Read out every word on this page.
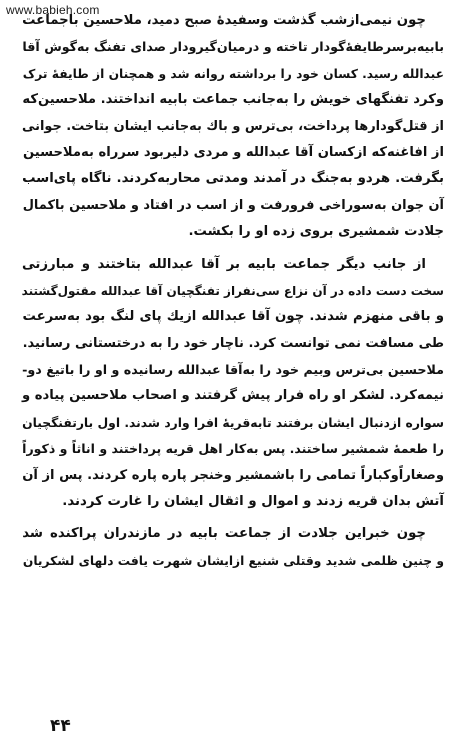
www.babieh.com
چون نیمی‌ازشب گذشت وسفیدهٔ صبح دمید، ملاحسین باجماعت
بابیه‌برسرطایفهٔ‌گودار تاخته و درمیان‌گیرودار صدای تفنگ به‌گوش آقا
عبدالله رسید. کسان خود را برداشته روانه شد و همچنان از طایفهٔ ترک
وکرد تفنگهای خویش را به‌جانب جماعت بابیه انداختند. ملاحسین‌که
از قتل‌گودارها پرداخت، بی‌ترس و باك به‌جانب ایشان بتاخت. جوانی
از افاغنه‌که ازکسان آقا عبدالله و مردی دلیربود سرراه به‌ملاحسین
بگرفت. هردو به‌جنگ در آمدند ومدتی محاربه‌کردند. ناگاه پای‌اسب
آن جوان به‌سوراخی فرورفت و از اسب در افتاد و ملاحسین باکمال
جلادت شمشیری بروی زده او را بکشت.
از جانب دیگر جماعت بابیه بر آقا عبدالله بتاختند و مبارزتی
سخت دست داده در آن نزاع سی‌نفراز تفنگچیان آقا عبدالله مقتول‌گشتند
و باقی منهزم شدند. چون آقا عبدالله ازیك پای لنگ بود به‌سرعت
طی مسافت نمی توانست کرد. ناچار خود را به درختستانی رسانید.
ملاحسین بی‌ترس وبیم خود را به‌آقا عبدالله رسانیده و او را باتیغ دو-
نیمه‌کرد. لشکر او راه فرار پیش گرفتند و اصحاب ملاحسین پیاده و
سواره ازدنبال ایشان برفتند تابه‌قریهٔ افرا وارد شدند. اول بارتفنگچیان
را طعمهٔ شمشیر ساختند. پس به‌کار اهل قریه پرداختند و اناثاً و ذکوراً
وصغاراًوکباراً تمامی را باشمشیر وخنجر پاره پاره کردند. پس از آن
آتش بدان قریه زدند و اموال و اثقال ایشان را غارت کردند.
چون خبراین جلادت از جماعت بابیه در مازندران پراکنده شد
و چنین ظلمی شدید وقتلی شنیع ازایشان شهرت یافت دلهای لشکریان
۴۴
